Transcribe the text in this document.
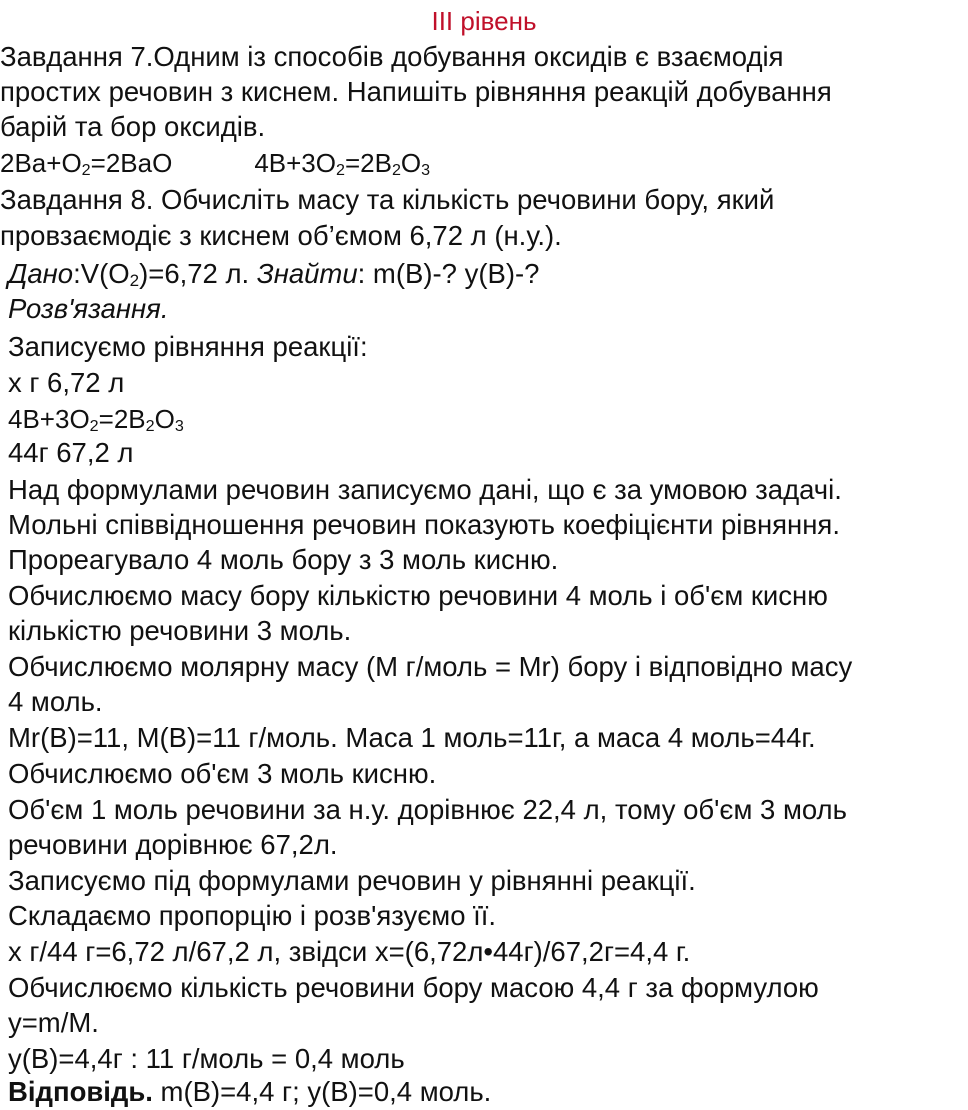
ІІІ рівень
Завдання 7.Одним із способів добування оксидів є взаємодія
простих речовин з киснем. Напишіть рівняння реакцій добування
барій та бор оксидів.
$2Ba+O_2=2BaO$	$4B+3O_2=2B_2O_3$
Завдання 8. Обчисліть масу та кількість речовини бору, який
провзаємодіє з киснем об’ємом 6,72 л (н.у.).
$Дано:V(O_2)=6,72$ л. Знайти: m(B)-? y(B)-?
Розв'язання.
Записуємо рівняння реакції:
x г 6,72 л
$4B+3O_2=2B_2O_3$
44г 67,2 л
Над формулами речовин записуємо дані, що є за умовою задачі.
Мольні співвідношення речовин показують коефіцієнти рівняння.
Прореагувало 4 моль бору з 3 моль кисню.
Обчислюємо масу бору кількістю речовини 4 моль і об'єм кисню
кількістю речовини 3 моль.
Обчислюємо молярну масу (M г/моль = Mr) бору і відповідно масу
4 моль.
Mr(B)=11, M(B)=11 г/моль. Маса 1 моль=11г, а маса 4 моль=44г.
Обчислюємо об'єм 3 моль кисню.
Об'єм 1 моль речовини за н.у. дорівнює 22,4 л, тому об'єм 3 моль
речовини дорівнює 67,2л.
Записуємо під формулами речовин у рівнянні реакції.
Складаємо пропорцію і розв'язуємо її.
x г/44 г=6,72 л/67,2 л, звідси x=(6,72л•44г)/67,2г=4,4 г.
Обчислюємо кількість речовини бору масою 4,4 г за формулою
y=m/M.
y(B)=4,4г : 11 г/моль = 0,4 моль
Відповідь. m(B)=4,4 г; y(B)=0,4 моль.
